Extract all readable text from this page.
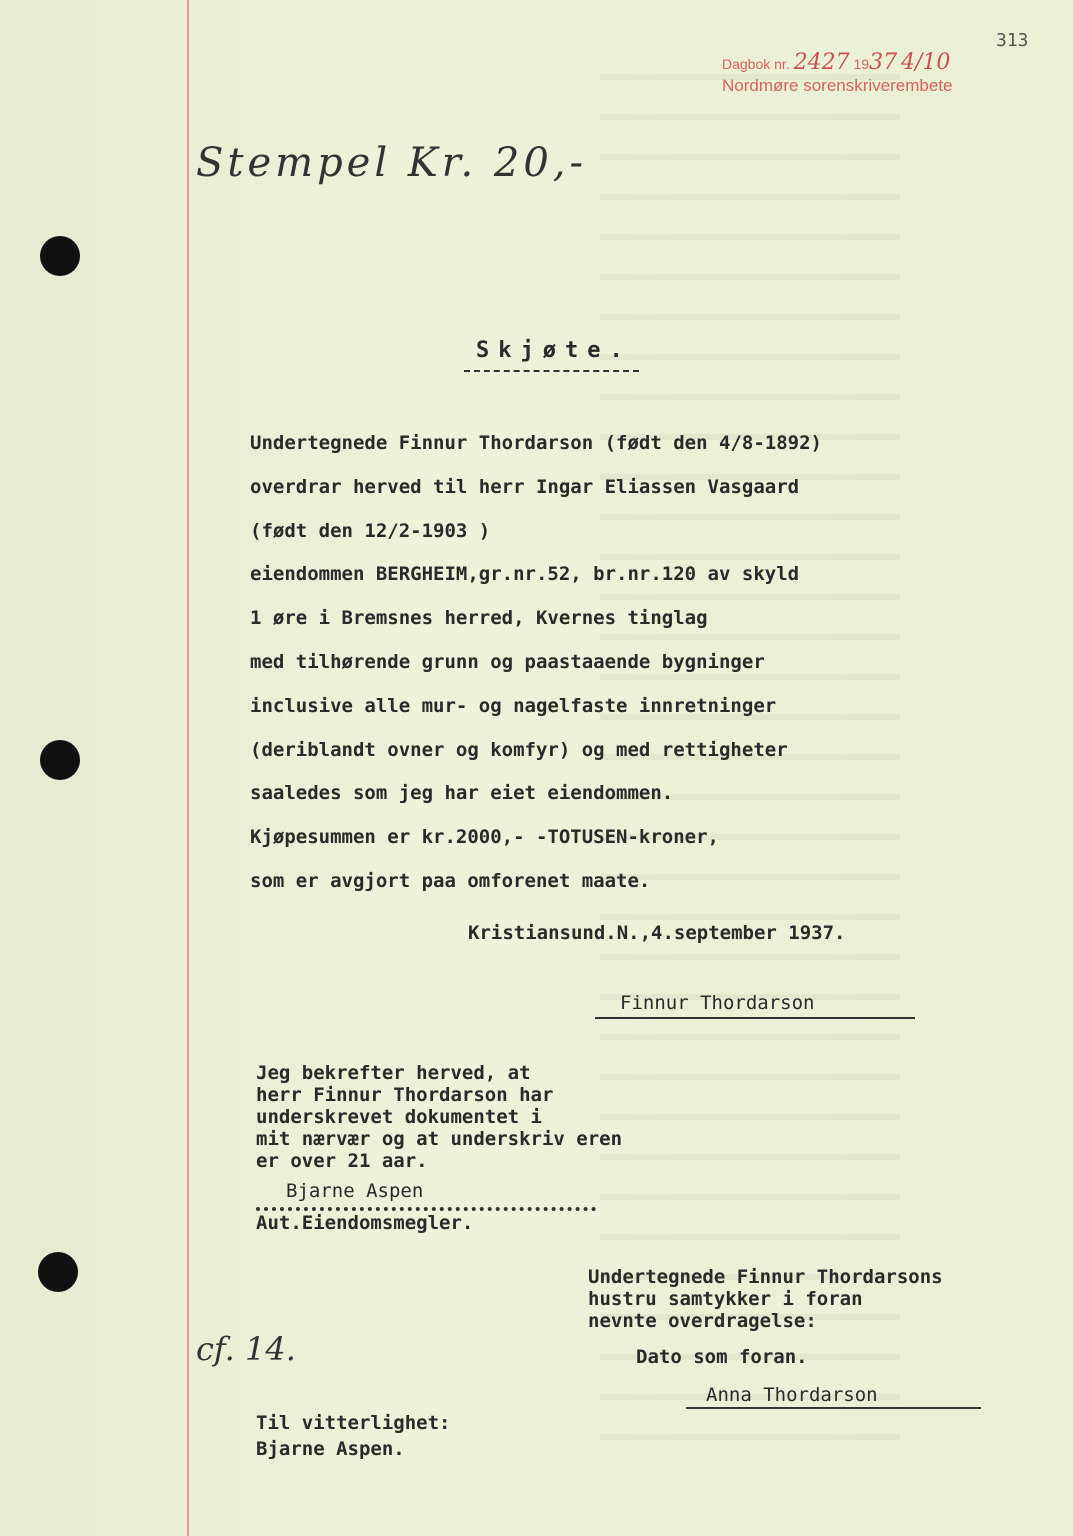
313
Dagbok nr. 2427 1937 4/10
Nordmøre sorenskriverembete
Stempel Kr. 20,-
Skjøte.
Undertegnede Finnur Thordarson (født den 4/8-1892)
overdrar herved til herr Ingar Eliassen Vasgaard
(født den 12/2-1903 )
eiendommen BERGHEIM,gr.nr.52, br.nr.120 av skyld
1 øre i Bremsnes herred, Kvernes tinglag
med tilhørende grunn og paastaaende bygninger
inclusive alle mur- og nagelfaste innretninger
(deriblandt ovner og komfyr) og med rettigheter
saaledes som jeg har eiet eiendommen.
Kjøpesummen er kr.2000,- -TOTUSEN-kroner,
som er avgjort paa omforenet maate.
Kristiansund.N.,4.september 1937.
Finnur Thordarson
Jeg bekrefter herved, at
herr Finnur Thordarson har
underskrevet dokumentet i
mit nærvær og at underskriv eren
er over 21 aar.
Bjarne Aspen
Aut.Eiendomsmegler.
Undertegnede Finnur Thordarsons
hustru samtykker i foran
nevnte overdragelse:
Dato som foran.
Anna Thordarson
cf. 14.
Til vitterlighet:
Bjarne Aspen.
